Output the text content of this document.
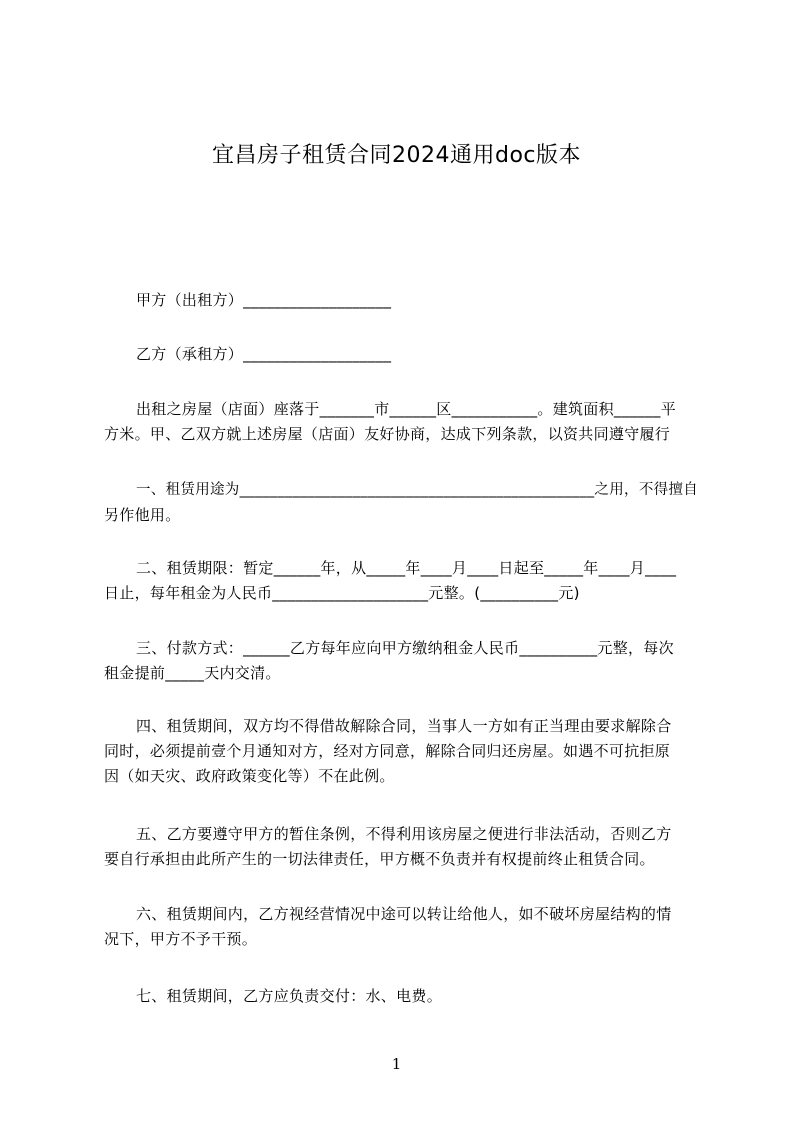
宜昌房子租赁合同2024通用doc版本
甲方（出租方）___________________
乙方（承租方）___________________
出租之房屋（店面）座落于_______市______区___________。建筑面积______平
方米。甲、乙双方就上述房屋（店面）友好协商，达成下列条款，以资共同遵守履行
一、租赁用途为_______________________________________________之用，不得擅自
另作他用。
二、租赁期限：暂定______年，从_____年____月____日起至_____年____月____
日止，每年租金为人民币____________________元整。(__________元)
三、付款方式：______乙方每年应向甲方缴纳租金人民币__________元整，每次
租金提前_____天内交清。
四、租赁期间，双方均不得借故解除合同，当事人一方如有正当理由要求解除合
同时，必须提前壹个月通知对方，经对方同意，解除合同归还房屋。如遇不可抗拒原
因（如天灾、政府政策变化等）不在此例。
五、乙方要遵守甲方的暂住条例，不得利用该房屋之便进行非法活动，否则乙方
要自行承担由此所产生的一切法律责任，甲方概不负责并有权提前终止租赁合同。
六、租赁期间内，乙方视经营情况中途可以转让给他人，如不破坏房屋结构的情
况下，甲方不予干预。
七、租赁期间，乙方应负责交付：水、电费。
1
